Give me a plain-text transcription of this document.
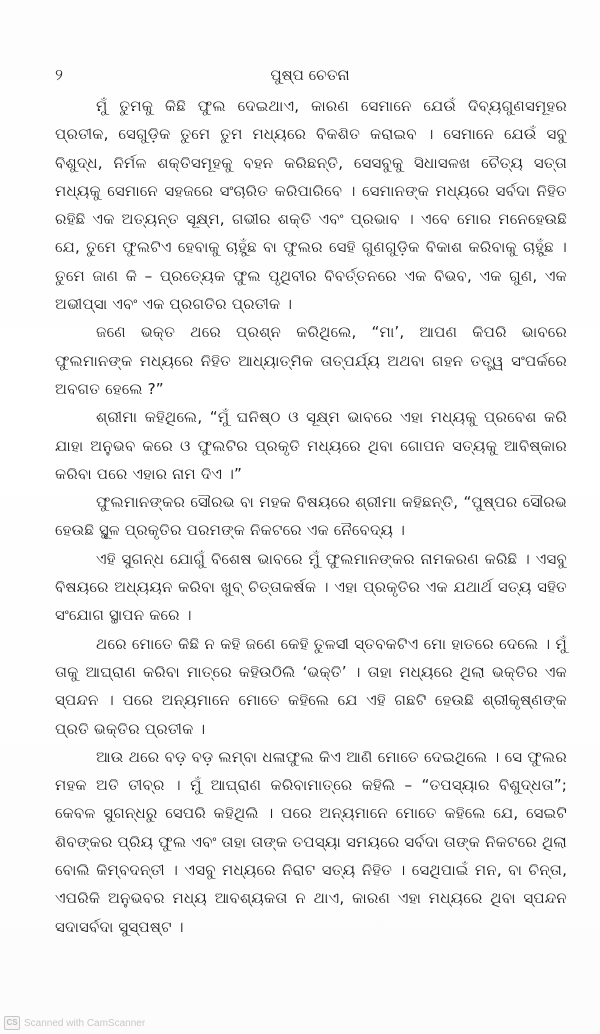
୨	ପୁଷ୍ପ ଚେତନା

ମୁଁ ତୁମକୁ କିଛି ଫୁଲ ଦେଇଥାଏ, କାରଣ ସେମାନେ ଯେଉଁ ଦିବ୍ୟଗୁଣସମୂହର ପ୍ରତୀକ, ସେଗୁଡ଼ିକ ତୁମେ ତୁମ ମଧ୍ୟରେ ବିକଶିତ କରାଇବ । ସେମାନେ ଯେଉଁ ସବୁ ବିଶୁଦ୍ଧ, ନିର୍ମଳ ଶକ୍ତିସମୂହକୁ ବହନ କରିଛନ୍ତି, ସେସବୁକୁ ସିଧାସଳଖ ଚୈତ୍ୟ ସତ୍ତା ମଧ୍ୟକୁ ସେମାନେ ସହଜରେ ସଂଚାରିତ କରିପାରିବେ । ସେମାନଙ୍କ ମଧ୍ୟରେ ସର୍ବଦା ନିହିତ ରହିଛି ଏକ ଅତ୍ୟନ୍ତ ସୂକ୍ଷ୍ମ, ଗଭୀର ଶକ୍ତି ଏବଂ ପ୍ରଭାବ । ଏବେ ମୋର ମନେହେଉଛି ଯେ, ତୁମେ ଫୁଲଟିଏ ହେବାକୁ ଚାହୁଁଛ ବା ଫୁଲର ସେହି ଗୁଣଗୁଡ଼ିକ ବିକାଶ କରିବାକୁ ଚାହୁଁଛ । ତୁମେ ଜାଣ କି – ପ୍ରତ୍ୟେକ ଫୁଲ ପୃଥିବୀର ବିବର୍ତ୍ତନରେ ଏକ ବିଭବ, ଏକ ଗୁଣ, ଏକ ଅଭୀପ୍ସା ଏବଂ ଏକ ପ୍ରଗତିର ପ୍ରତୀକ ।

ଜଣେ ଭକ୍ତ ଥରେ ପ୍ରଶ୍ନ କରିଥିଲେ, “ମା’, ଆପଣ କିପରି ଭାବରେ ଫୁଲମାନଙ୍କ ମଧ୍ୟରେ ନିହିତ ଆଧ୍ୟାତ୍ମିକ ତାତ୍ପର୍ଯ୍ୟ ଅଥବା ଗହନ ତତ୍ତ୍ୱ ସଂପର୍କରେ ଅବଗତ ହେଲେ ?”

ଶ୍ରୀମା କହିଥିଲେ, “ମୁଁ ଘନିଷ୍ଠ ଓ ସୂକ୍ଷ୍ମ ଭାବରେ ଏହା ମଧ୍ୟକୁ ପ୍ରବେଶ କରି ଯାହା ଅନୁଭବ କରେ ଓ ଫୁଲଟିର ପ୍ରକୃତି ମଧ୍ୟରେ ଥିବା ଗୋପନ ସତ୍ୟକୁ ଆବିଷ୍କାର କରିବା ପରେ ଏହାର ନାମ ଦିଏ ।”

ଫୁଲମାନଙ୍କର ସୌରଭ ବା ମହକ ବିଷୟରେ ଶ୍ରୀମା କହିଛନ୍ତି, “ପୁଷ୍ପର ସୌରଭ ହେଉଛି ସ୍ଥୂଳ ପ୍ରକୃତିର ପରମଙ୍କ ନିକଟରେ ଏକ ନୈବେଦ୍ୟ ।

ଏହି ସୁଗନ୍ଧ ଯୋଗୁଁ ବିଶେଷ ଭାବରେ ମୁଁ ଫୁଲମାନଙ୍କର ନାମକରଣ କରିଛି । ଏସବୁ ବିଷୟରେ ଅଧ୍ୟୟନ କରିବା ଖୁବ୍ ଚିତ୍ତାକର୍ଷକ । ଏହା ପ୍ରକୃତିର ଏକ ଯଥାର୍ଥ ସତ୍ୟ ସହିତ ସଂଯୋଗ ସ୍ଥାପନ କରେ ।

ଥରେ ମୋତେ କିଛି ନ କହି ଜଣେ କେହି ତୁଳସୀ ସ୍ତବକଟିଏ ମୋ ହାତରେ ଦେଲେ । ମୁଁ ତାକୁ ଆଘ୍ରାଣ କରିବା ମାତ୍ରେ କହିଉଠିଲି ‘ଭକ୍ତି’ । ତାହା ମଧ୍ୟରେ ଥିଲା ଭକ୍ତିର ଏକ ସ୍ପନ୍ଦନ । ପରେ ଅନ୍ୟମାନେ ମୋତେ କହିଲେ ଯେ ଏହି ଗଛଟି ହେଉଛି ଶ୍ରୀକୃଷ୍ଣଙ୍କ ପ୍ରତି ଭକ୍ତିର ପ୍ରତୀକ ।

ଆଉ ଥରେ ବଡ଼ ବଡ଼ ଲମ୍ବା ଧଳାଫୁଲ କିଏ ଆଣି ମୋତେ ଦେଇଥିଲେ । ସେ ଫୁଲର ମହକ ଅତି ତୀବ୍ର । ମୁଁ ଆଘ୍ରାଣ କରିବାମାତ୍ରେ କହିଲି – “ତପସ୍ୟାର ବିଶୁଦ୍ଧତା”; କେବଳ ସୁଗନ୍ଧରୁ ସେପରି କହିଥିଲି । ପରେ ଅନ୍ୟମାନେ ମୋତେ କହିଲେ ଯେ, ସେଇଟି ଶିବଙ୍କର ପ୍ରିୟ ଫୁଲ ଏବଂ ତାହା ତାଙ୍କ ତପସ୍ୟା ସମୟରେ ସର୍ବଦା ତାଙ୍କ ନିକଟରେ ଥିଲା ବୋଲି କିମ୍ବଦନ୍ତୀ । ଏସବୁ ମଧ୍ୟରେ ନିରାଟ ସତ୍ୟ ନିହିତ । ସେଥିପାଇଁ ମନ, ବା ଚିନ୍ତା, ଏପରିକି ଅନୁଭବର ମଧ୍ୟ ଆବଶ୍ୟକତା ନ ଥାଏ, କାରଣ ଏହା ମଧ୍ୟରେ ଥିବା ସ୍ପନ୍ଦନ ସଦାସର୍ବଦା ସୁସ୍ପଷ୍ଟ ।

CS Scanned with CamScanner
